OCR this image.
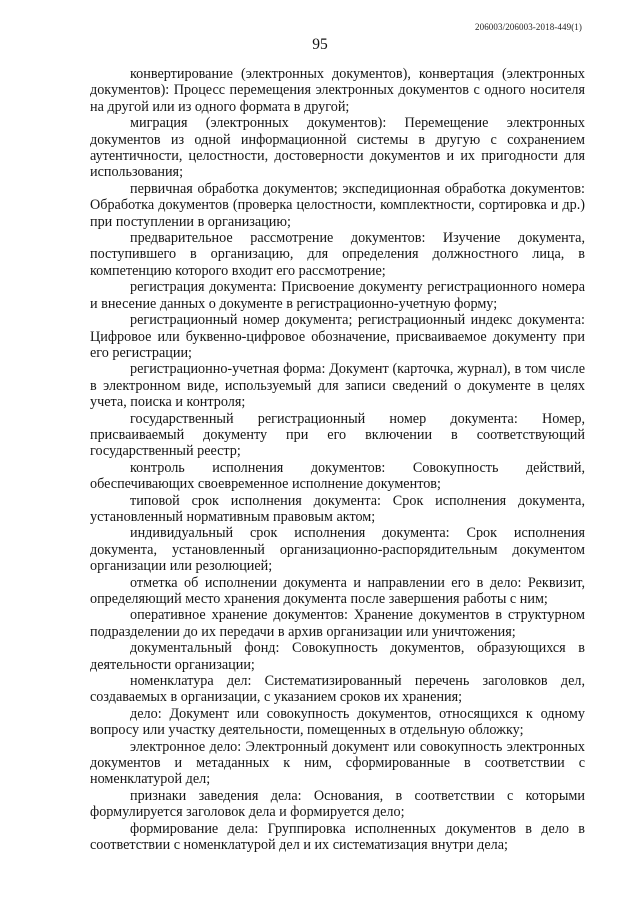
206003/206003-2018-449(1)
95

конвертирование (электронных документов), конвертация (электронных документов): Процесс перемещения электронных документов с одного носителя на другой или из одного формата в другой;

миграция (электронных документов): Перемещение электронных документов из одной информационной системы в другую с сохранением аутентичности, целостности, достоверности документов и их пригодности для использования;

первичная обработка документов; экспедиционная обработка документов: Обработка документов (проверка целостности, комплектности, сортировка и др.) при поступлении в организацию;

предварительное рассмотрение документов: Изучение документа, поступившего в организацию, для определения должностного лица, в компетенцию которого входит его рассмотрение;

регистрация документа: Присвоение документу регистрационного номера и внесение данных о документе в регистрационно-учетную форму;

регистрационный номер документа; регистрационный индекс документа: Цифровое или буквенно-цифровое обозначение, присваиваемое документу при его регистрации;

регистрационно-учетная форма: Документ (карточка, журнал), в том числе в электронном виде, используемый для записи сведений о документе в целях учета, поиска и контроля;

государственный регистрационный номер документа: Номер, присваиваемый документу при его включении в соответствующий государственный реестр;

контроль исполнения документов: Совокупность действий, обеспечивающих своевременное исполнение документов;

типовой срок исполнения документа: Срок исполнения документа, установленный нормативным правовым актом;

индивидуальный срок исполнения документа: Срок исполнения документа, установленный организационно-распорядительным документом организации или резолюцией;

отметка об исполнении документа и направлении его в дело: Реквизит, определяющий место хранения документа после завершения работы с ним;

оперативное хранение документов: Хранение документов в структурном подразделении до их передачи в архив организации или уничтожения;

документальный фонд: Совокупность документов, образующихся в деятельности организации;

номенклатура дел: Систематизированный перечень заголовков дел, создаваемых в организации, с указанием сроков их хранения;

дело: Документ или совокупность документов, относящихся к одному вопросу или участку деятельности, помещенных в отдельную обложку;

электронное дело: Электронный документ или совокупность электронных документов и метаданных к ним, сформированные в соответствии с номенклатурой дел;

признаки заведения дела: Основания, в соответствии с которыми формулируется заголовок дела и формируется дело;

формирование дела: Группировка исполненных документов в дело в соответствии с номенклатурой дел и их систематизация внутри дела;
